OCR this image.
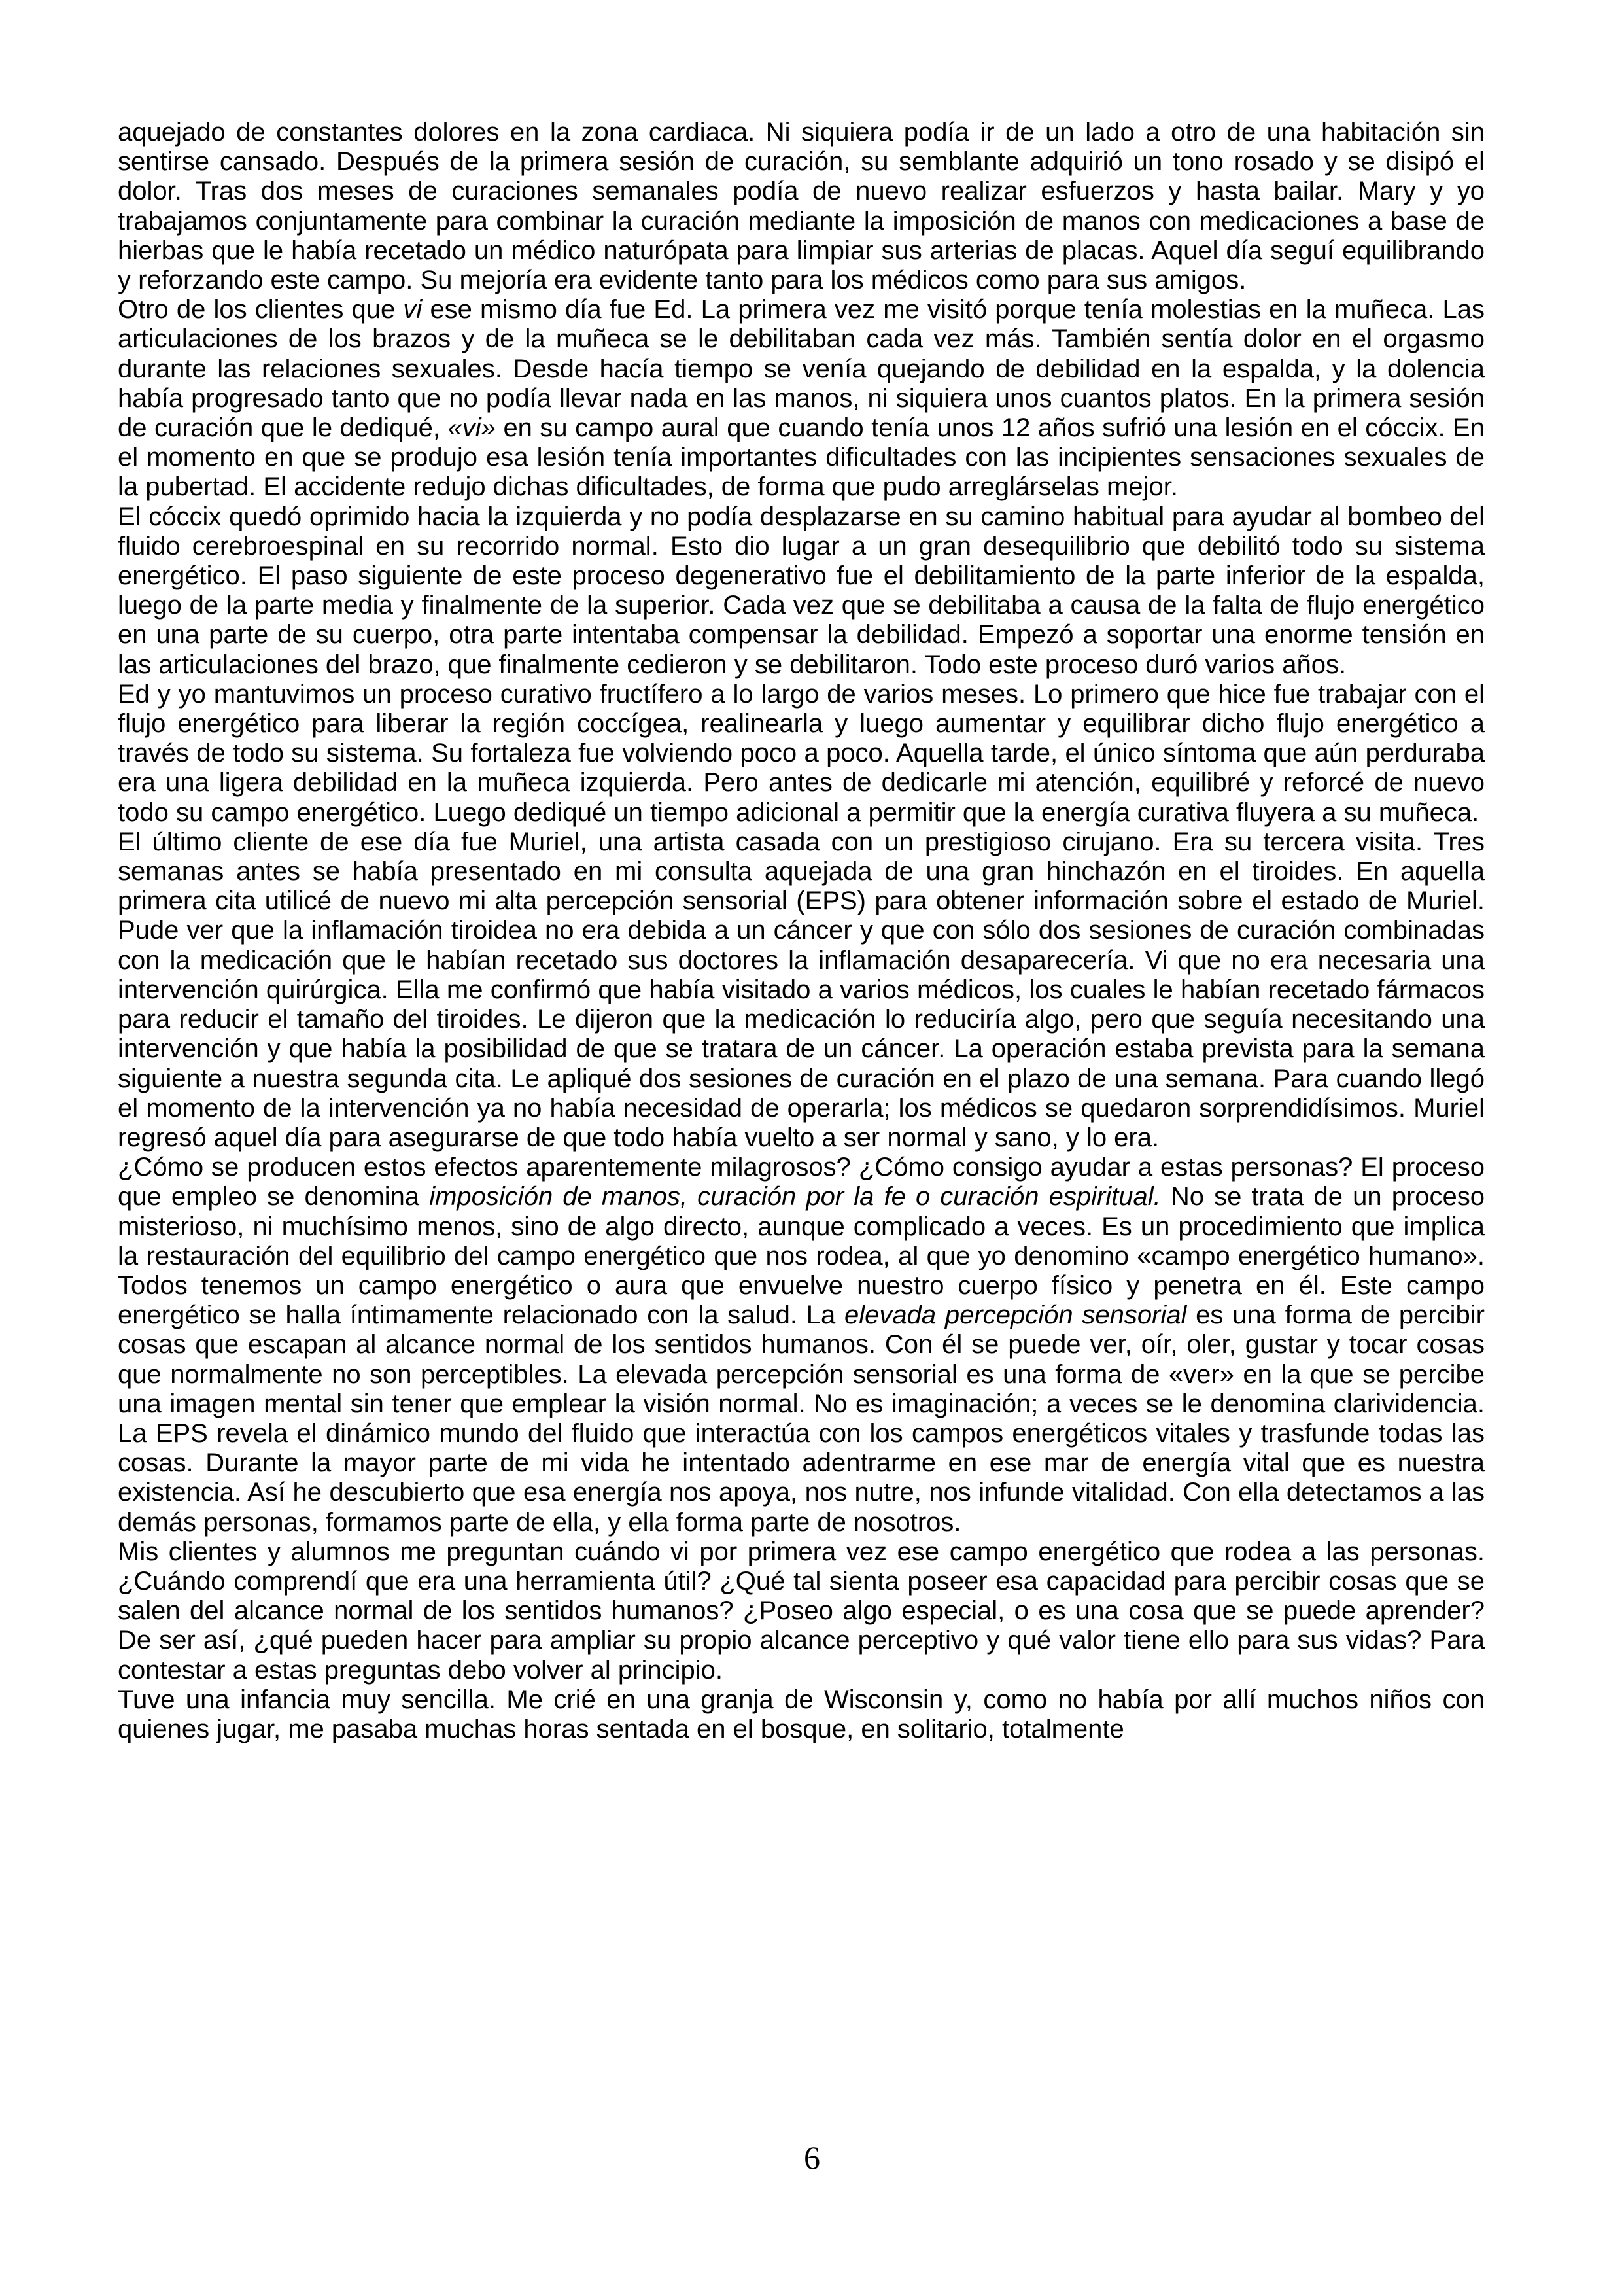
aquejado de constantes dolores en la zona cardiaca. Ni siquiera podía ir de un lado a otro de una habitación sin sentirse cansado. Después de la primera sesión de curación, su semblante adquirió un tono rosado y se disipó el dolor. Tras dos meses de curaciones semanales podía de nuevo realizar esfuerzos y hasta bailar. Mary y yo trabajamos conjuntamente para combinar la curación mediante la imposición de manos con medicaciones a base de hierbas que le había recetado un médico naturópata para limpiar sus arterias de placas. Aquel día seguí equilibrando y reforzando este campo. Su mejoría era evidente tanto para los médicos como para sus amigos.

Otro de los clientes que vi ese mismo día fue Ed. La primera vez me visitó porque tenía molestias en la muñeca. Las articulaciones de los brazos y de la muñeca se le debilitaban cada vez más. También sentía dolor en el orgasmo durante las relaciones sexuales. Desde hacía tiempo se venía quejando de debilidad en la espalda, y la dolencia había progresado tanto que no podía llevar nada en las manos, ni siquiera unos cuantos platos. En la primera sesión de curación que le dediqué, «vi» en su campo aural que cuando tenía unos 12 años sufrió una lesión en el cóccix. En el momento en que se produjo esa lesión tenía importantes dificultades con las incipientes sensaciones sexuales de la pubertad. El accidente redujo dichas dificultades, de forma que pudo arreglárselas mejor.

El cóccix quedó oprimido hacia la izquierda y no podía desplazarse en su camino habitual para ayudar al bombeo del fluido cerebroespinal en su recorrido normal. Esto dio lugar a un gran desequilibrio que debilitó todo su sistema energético. El paso siguiente de este proceso degenerativo fue el debilitamiento de la parte inferior de la espalda, luego de la parte media y finalmente de la superior. Cada vez que se debilitaba a causa de la falta de flujo energético en una parte de su cuerpo, otra parte intentaba compensar la debilidad. Empezó a soportar una enorme tensión en las articulaciones del brazo, que finalmente cedieron y se debilitaron. Todo este proceso duró varios años.

Ed y yo mantuvimos un proceso curativo fructífero a lo largo de varios meses. Lo primero que hice fue trabajar con el flujo energético para liberar la región coccígea, realinearla y luego aumentar y equilibrar dicho flujo energético a través de todo su sistema. Su fortaleza fue volviendo poco a poco. Aquella tarde, el único síntoma que aún perduraba era una ligera debilidad en la muñeca izquierda. Pero antes de dedicarle mi atención, equilibré y reforcé de nuevo todo su campo energético. Luego dediqué un tiempo adicional a permitir que la energía curativa fluyera a su muñeca.

El último cliente de ese día fue Muriel, una artista casada con un prestigioso cirujano. Era su tercera visita. Tres semanas antes se había presentado en mi consulta aquejada de una gran hinchazón en el tiroides. En aquella primera cita utilicé de nuevo mi alta percepción sensorial (EPS) para obtener información sobre el estado de Muriel. Pude ver que la inflamación tiroidea no era debida a un cáncer y que con sólo dos sesiones de curación combinadas con la medicación que le habían recetado sus doctores la inflamación desaparecería. Vi que no era necesaria una intervención quirúrgica. Ella me confirmó que había visitado a varios médicos, los cuales le habían recetado fármacos para reducir el tamaño del tiroides. Le dijeron que la medicación lo reduciría algo, pero que seguía necesitando una intervención y que había la posibilidad de que se tratara de un cáncer. La operación estaba prevista para la semana siguiente a nuestra segunda cita. Le apliqué dos sesiones de curación en el plazo de una semana. Para cuando llegó el momento de la intervención ya no había necesidad de operarla; los médicos se quedaron sorprendidísimos. Muriel regresó aquel día para asegurarse de que todo había vuelto a ser normal y sano, y lo era.

¿Cómo se producen estos efectos aparentemente milagrosos? ¿Cómo consigo ayudar a estas personas? El proceso que empleo se denomina imposición de manos, curación por la fe o curación espiritual. No se trata de un proceso misterioso, ni muchísimo menos, sino de algo directo, aunque complicado a veces. Es un procedimiento que implica la restauración del equilibrio del campo energético que nos rodea, al que yo denomino «campo energético humano». Todos tenemos un campo energético o aura que envuelve nuestro cuerpo físico y penetra en él. Este campo energético se halla íntimamente relacionado con la salud. La elevada percepción sensorial es una forma de percibir cosas que escapan al alcance normal de los sentidos humanos. Con él se puede ver, oír, oler, gustar y tocar cosas que normalmente no son perceptibles. La elevada percepción sensorial es una forma de «ver» en la que se percibe una imagen mental sin tener que emplear la visión normal. No es imaginación; a veces se le denomina clarividencia. La EPS revela el dinámico mundo del fluido que interactúa con los campos energéticos vitales y trasfunde todas las cosas. Durante la mayor parte de mi vida he intentado adentrarme en ese mar de energía vital que es nuestra existencia. Así he descubierto que esa energía nos apoya, nos nutre, nos infunde vitalidad. Con ella detectamos a las demás personas, formamos parte de ella, y ella forma parte de nosotros.

Mis clientes y alumnos me preguntan cuándo vi por primera vez ese campo energético que rodea a las personas. ¿Cuándo comprendí que era una herramienta útil? ¿Qué tal sienta poseer esa capacidad para percibir cosas que se salen del alcance normal de los sentidos humanos? ¿Poseo algo especial, o es una cosa que se puede aprender? De ser así, ¿qué pueden hacer para ampliar su propio alcance perceptivo y qué valor tiene ello para sus vidas? Para contestar a estas preguntas debo volver al principio.

Tuve una infancia muy sencilla. Me crié en una granja de Wisconsin y, como no había por allí muchos niños con quienes jugar, me pasaba muchas horas sentada en el bosque, en solitario, totalmente

6
